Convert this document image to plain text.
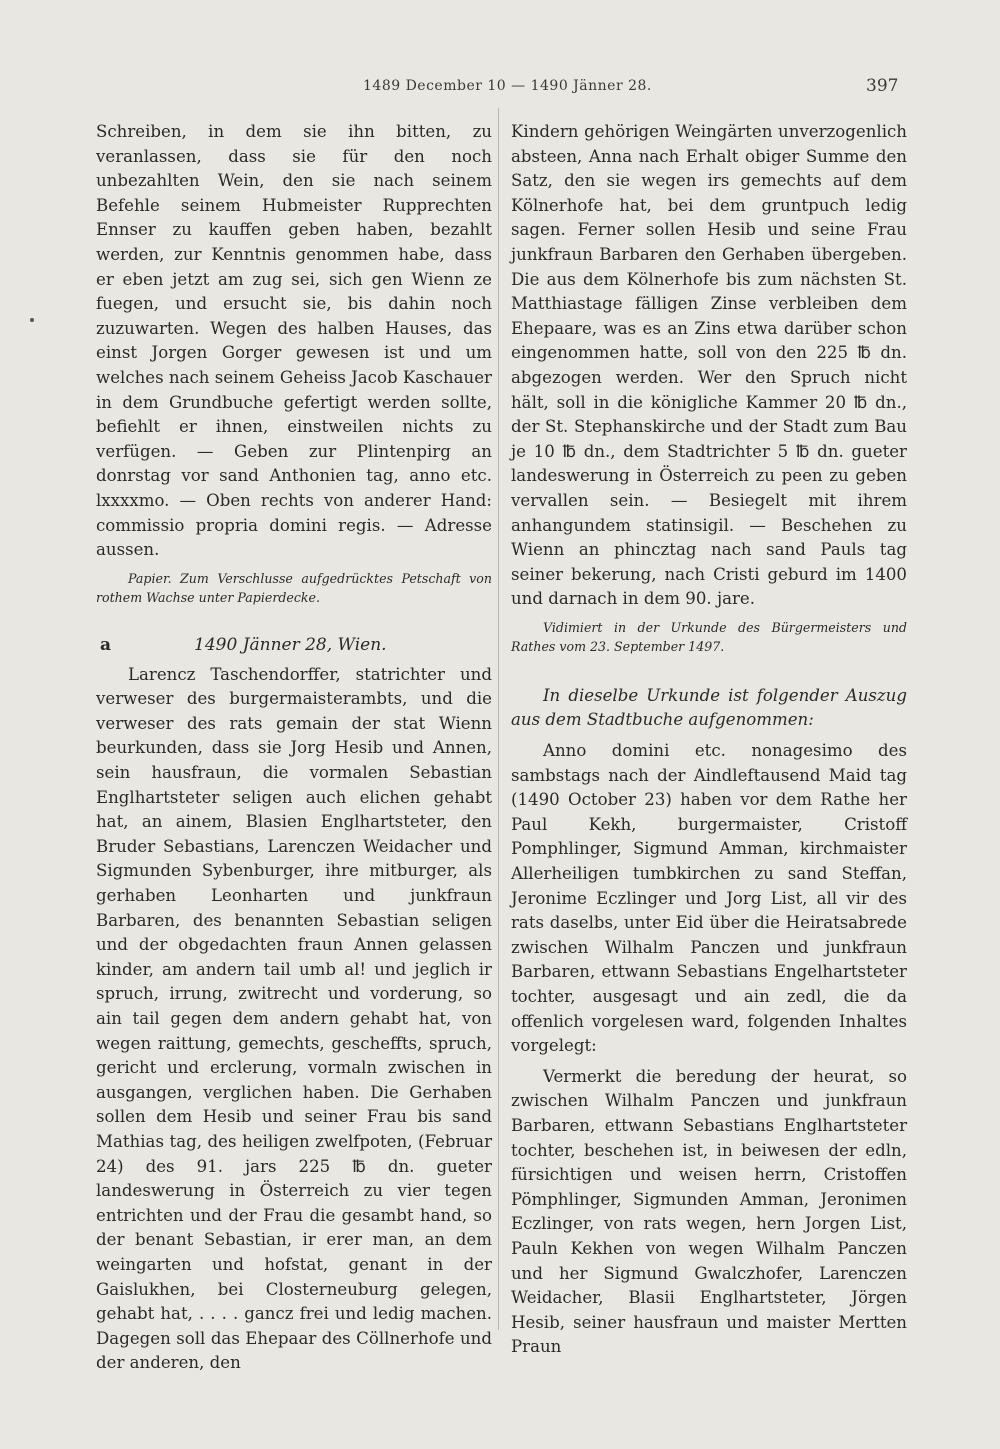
1489 December 10 — 1490 Jänner 28.	397

Schreiben, in dem sie ihn bitten, zu veranlassen, dass sie für den noch unbezahlten Wein, den sie nach seinem Befehle seinem Hubmeister Rupprechten Ennser zu kauffen geben haben, bezahlt werden, zur Kenntnis genommen habe, dass er eben jetzt am zug sei, sich gen Wienn ze fuegen, und ersucht sie, bis dahin noch zuzuwarten. Wegen des halben Hauses, das einst Jorgen Gorger gewesen ist und um welches nach seinem Geheiss Jacob Kaschauer in dem Grundbuche gefertigt werden sollte, befiehlt er ihnen, einstweilen nichts zu verfügen. — Geben zur Plintenpirg an donrstag vor sand Anthonien tag, anno etc. lxxxxmo. — Oben rechts von anderer Hand: commissio propria domini regis. — Adresse aussen.

Papier. Zum Verschlusse aufgedrücktes Petschaft von rothem Wachse unter Papierdecke.

a	1490 Jänner 28, Wien.

Larencz Taschendorffer, statrichter und verweser des burgermaisterambts, und die verweser des rats gemain der stat Wienn beurkunden, dass sie Jorg Hesib und Annen, sein hausfraun, die vormalen Sebastian Englhartsteter seligen auch elichen gehabt hat, an ainem, Blasien Englhartsteter, den Bruder Sebastians, Larenczen Weidacher und Sigmunden Sybenburger, ihre mitburger, als gerhaben Leonharten und junkfraun Barbaren, des benannten Sebastian seligen und der obgedachten fraun Annen gelassen kinder, am andern tail umb al! und jeglich ir spruch, irrung, zwitrecht und vorderung, so ain tail gegen dem andern gehabt hat, von wegen raittung, gemechts, gescheffts, spruch, gericht und erclerung, vormaln zwischen in ausgangen, verglichen haben. Die Gerhaben sollen dem Hesib und seiner Frau bis sand Mathias tag, des heiligen zwelfpoten, (Februar 24) des 91. jars 225 ℔ dn. gueter landeswerung in Österreich zu vier tegen entrichten und der Frau die gesambt hand, so der benant Sebastian, ir erer man, an dem weingarten und hofstat, genant in der Gaislukhen, bei Closterneuburg gelegen, gehabt hat, . . . . gancz frei und ledig machen. Dagegen soll das Ehepaar des Cöllnerhofe und der anderen, den

Kindern gehörigen Weingärten unverzogenlich absteen, Anna nach Erhalt obiger Summe den Satz, den sie wegen irs gemechts auf dem Kölnerhofe hat, bei dem gruntpuch ledig sagen. Ferner sollen Hesib und seine Frau junkfraun Barbaren den Gerhaben übergeben. Die aus dem Kölnerhofe bis zum nächsten St. Matthiastage fälligen Zinse verbleiben dem Ehepaare, was es an Zins etwa darüber schon eingenommen hatte, soll von den 225 ℔ dn. abgezogen werden. Wer den Spruch nicht hält, soll in die königliche Kammer 20 ℔ dn., der St. Stephanskirche und der Stadt zum Bau je 10 ℔ dn., dem Stadtrichter 5 ℔ dn. gueter landeswerung in Österreich zu peen zu geben vervallen sein. — Besiegelt mit ihrem anhangundem statinsigil. — Beschehen zu Wienn an phincztag nach sand Pauls tag seiner bekerung, nach Cristi geburd im 1400 und darnach in dem 90. jare.

Vidimiert in der Urkunde des Bürgermeisters und Rathes vom 23. September 1497.

In dieselbe Urkunde ist folgender Auszug aus dem Stadtbuche aufgenommen:

Anno domini etc. nonagesimo des sambstags nach der Aindleftausend Maid tag (1490 October 23) haben vor dem Rathe her Paul Kekh, burgermaister, Cristoff Pomphlinger, Sigmund Amman, kirchmaister Allerheiligen tumbkirchen zu sand Steffan, Jeronime Eczlinger und Jorg List, all vir des rats daselbs, unter Eid über die Heiratsabrede zwischen Wilhalm Panczen und junkfraun Barbaren, ettwann Sebastians Engelhartsteter tochter, ausgesagt und ain zedl, die da offenlich vorgelesen ward, folgenden Inhaltes vorgelegt:

Vermerkt die beredung der heurat, so zwischen Wilhalm Panczen und junkfraun Barbaren, ettwann Sebastians Englhartsteter tochter, beschehen ist, in beiwesen der edln, fürsichtigen und weisen herrn, Cristoffen Pömphlinger, Sigmunden Amman, Jeronimen Eczlinger, von rats wegen, hern Jorgen List, Pauln Kekhen von wegen Wilhalm Panczen und her Sigmund Gwalczhofer, Larenczen Weidacher, Blasii Englhartsteter, Jörgen Hesib, seiner hausfraun und maister Mertten Praun
